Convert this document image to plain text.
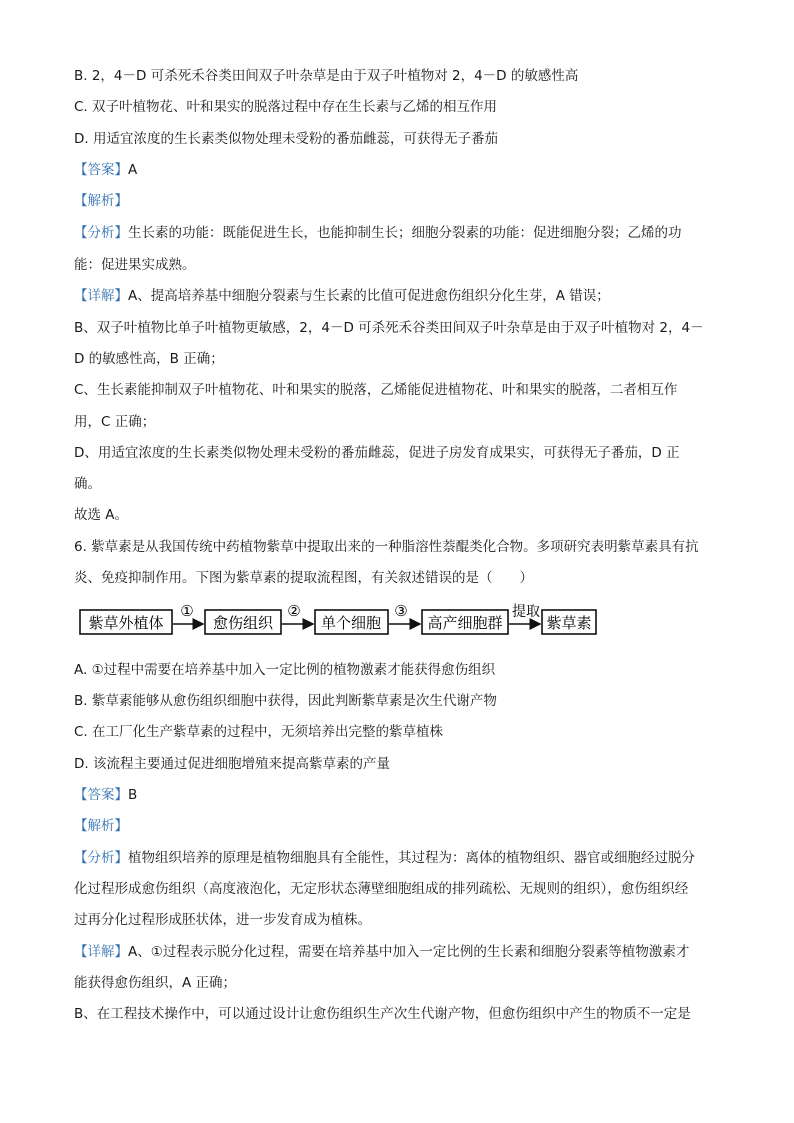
B. 2，4－D 可杀死禾谷类田间双子叶杂草是由于双子叶植物对 2，4－D 的敏感性高
C. 双子叶植物花、叶和果实的脱落过程中存在生长素与乙烯的相互作用
D. 用适宜浓度的生长素类似物处理未受粉的番茄雌蕊，可获得无子番茄
【答案】A
【解析】
【分析】生长素的功能：既能促进生长，也能抑制生长；细胞分裂素的功能：促进细胞分裂；乙烯的功
能：促进果实成熟。
【详解】A、提高培养基中细胞分裂素与生长素的比值可促进愈伤组织分化生芽，A 错误；
B、双子叶植物比单子叶植物更敏感，2，4－D 可杀死禾谷类田间双子叶杂草是由于双子叶植物对 2，4－
D 的敏感性高，B 正确；
C、生长素能抑制双子叶植物花、叶和果实的脱落，乙烯能促进植物花、叶和果实的脱落，二者相互作
用，C 正确；
D、用适宜浓度的生长素类似物处理未受粉的番茄雌蕊，促进子房发育成果实，可获得无子番茄，D 正
确。
故选 A。
6. 紫草素是从我国传统中药植物紫草中提取出来的一种脂溶性萘醌类化合物。多项研究表明紫草素具有抗
炎、免疫抑制作用。下图为紫草素的提取流程图，有关叙述错误的是（　　）
紫草外植体	愈伤组织	单个细胞	高产细胞群	紫草素
①	②	③	提取
A. ①过程中需要在培养基中加入一定比例的植物激素才能获得愈伤组织
B. 紫草素能够从愈伤组织细胞中获得，因此判断紫草素是次生代谢产物
C. 在工厂化生产紫草素的过程中，无须培养出完整的紫草植株
D. 该流程主要通过促进细胞增殖来提高紫草素的产量
【答案】B
【解析】
【分析】植物组织培养的原理是植物细胞具有全能性，其过程为：离体的植物组织、器官或细胞经过脱分
化过程形成愈伤组织（高度液泡化，无定形状态薄壁细胞组成的排列疏松、无规则的组织），愈伤组织经
过再分化过程形成胚状体，进一步发育成为植株。
【详解】A、①过程表示脱分化过程，需要在培养基中加入一定比例的生长素和细胞分裂素等植物激素才
能获得愈伤组织，A 正确；
B、在工程技术操作中，可以通过设计让愈伤组织生产次生代谢产物，但愈伤组织中产生的物质不一定是
